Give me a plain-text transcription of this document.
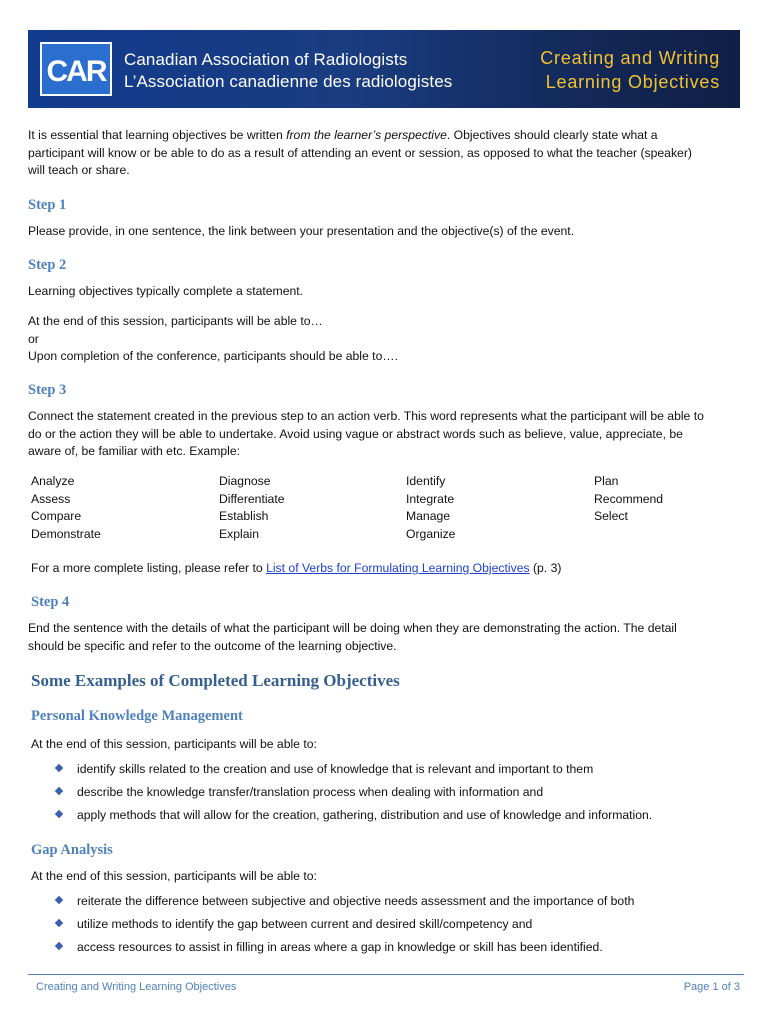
CAR Canadian Association of Radiologists
L’Association canadienne des radiologistes
Creating and Writing
Learning Objectives

It is essential that learning objectives be written from the learner’s perspective. Objectives should clearly state what a

participant will know or be able to do as a result of attending an event or session, as opposed to what the teacher (speaker)

will teach or share.

Step 1

Please provide, in one sentence, the link between your presentation and the objective(s) of the event.

Step 2

Learning objectives typically complete a statement.

At the end of this session, participants will be able to…

or

Upon completion of the conference, participants should be able to….

Step 3

Connect the statement created in the previous step to an action verb. This word represents what the participant will be able to

do or the action they will be able to undertake. Avoid using vague or abstract words such as believe, value, appreciate, be

aware of, be familiar with etc. Example:

Analyze
Assess
Compare
Demonstrate
Diagnose
Differentiate
Establish
Explain
Identify
Integrate
Manage
Organize
Plan
Recommend
Select

For a more complete listing, please refer to List of Verbs for Formulating Learning Objectives (p. 3)

Step 4

End the sentence with the details of what the participant will be doing when they are demonstrating the action. The detail

should be specific and refer to the outcome of the learning objective.

Some Examples of Completed Learning Objectives
Personal Knowledge Management

At the end of this session, participants will be able to:

identify skills related to the creation and use of knowledge that is relevant and important to them
describe the knowledge transfer/translation process when dealing with information and
apply methods that will allow for the creation, gathering, distribution and use of knowledge and information.
Gap Analysis

At the end of this session, participants will be able to:

reiterate the difference between subjective and objective needs assessment and the importance of both
utilize methods to identify the gap between current and desired skill/competency and
access resources to assist in filling in areas where a gap in knowledge or skill has been identified.
Creating and Writing Learning Objectives	Page 1 of 3
